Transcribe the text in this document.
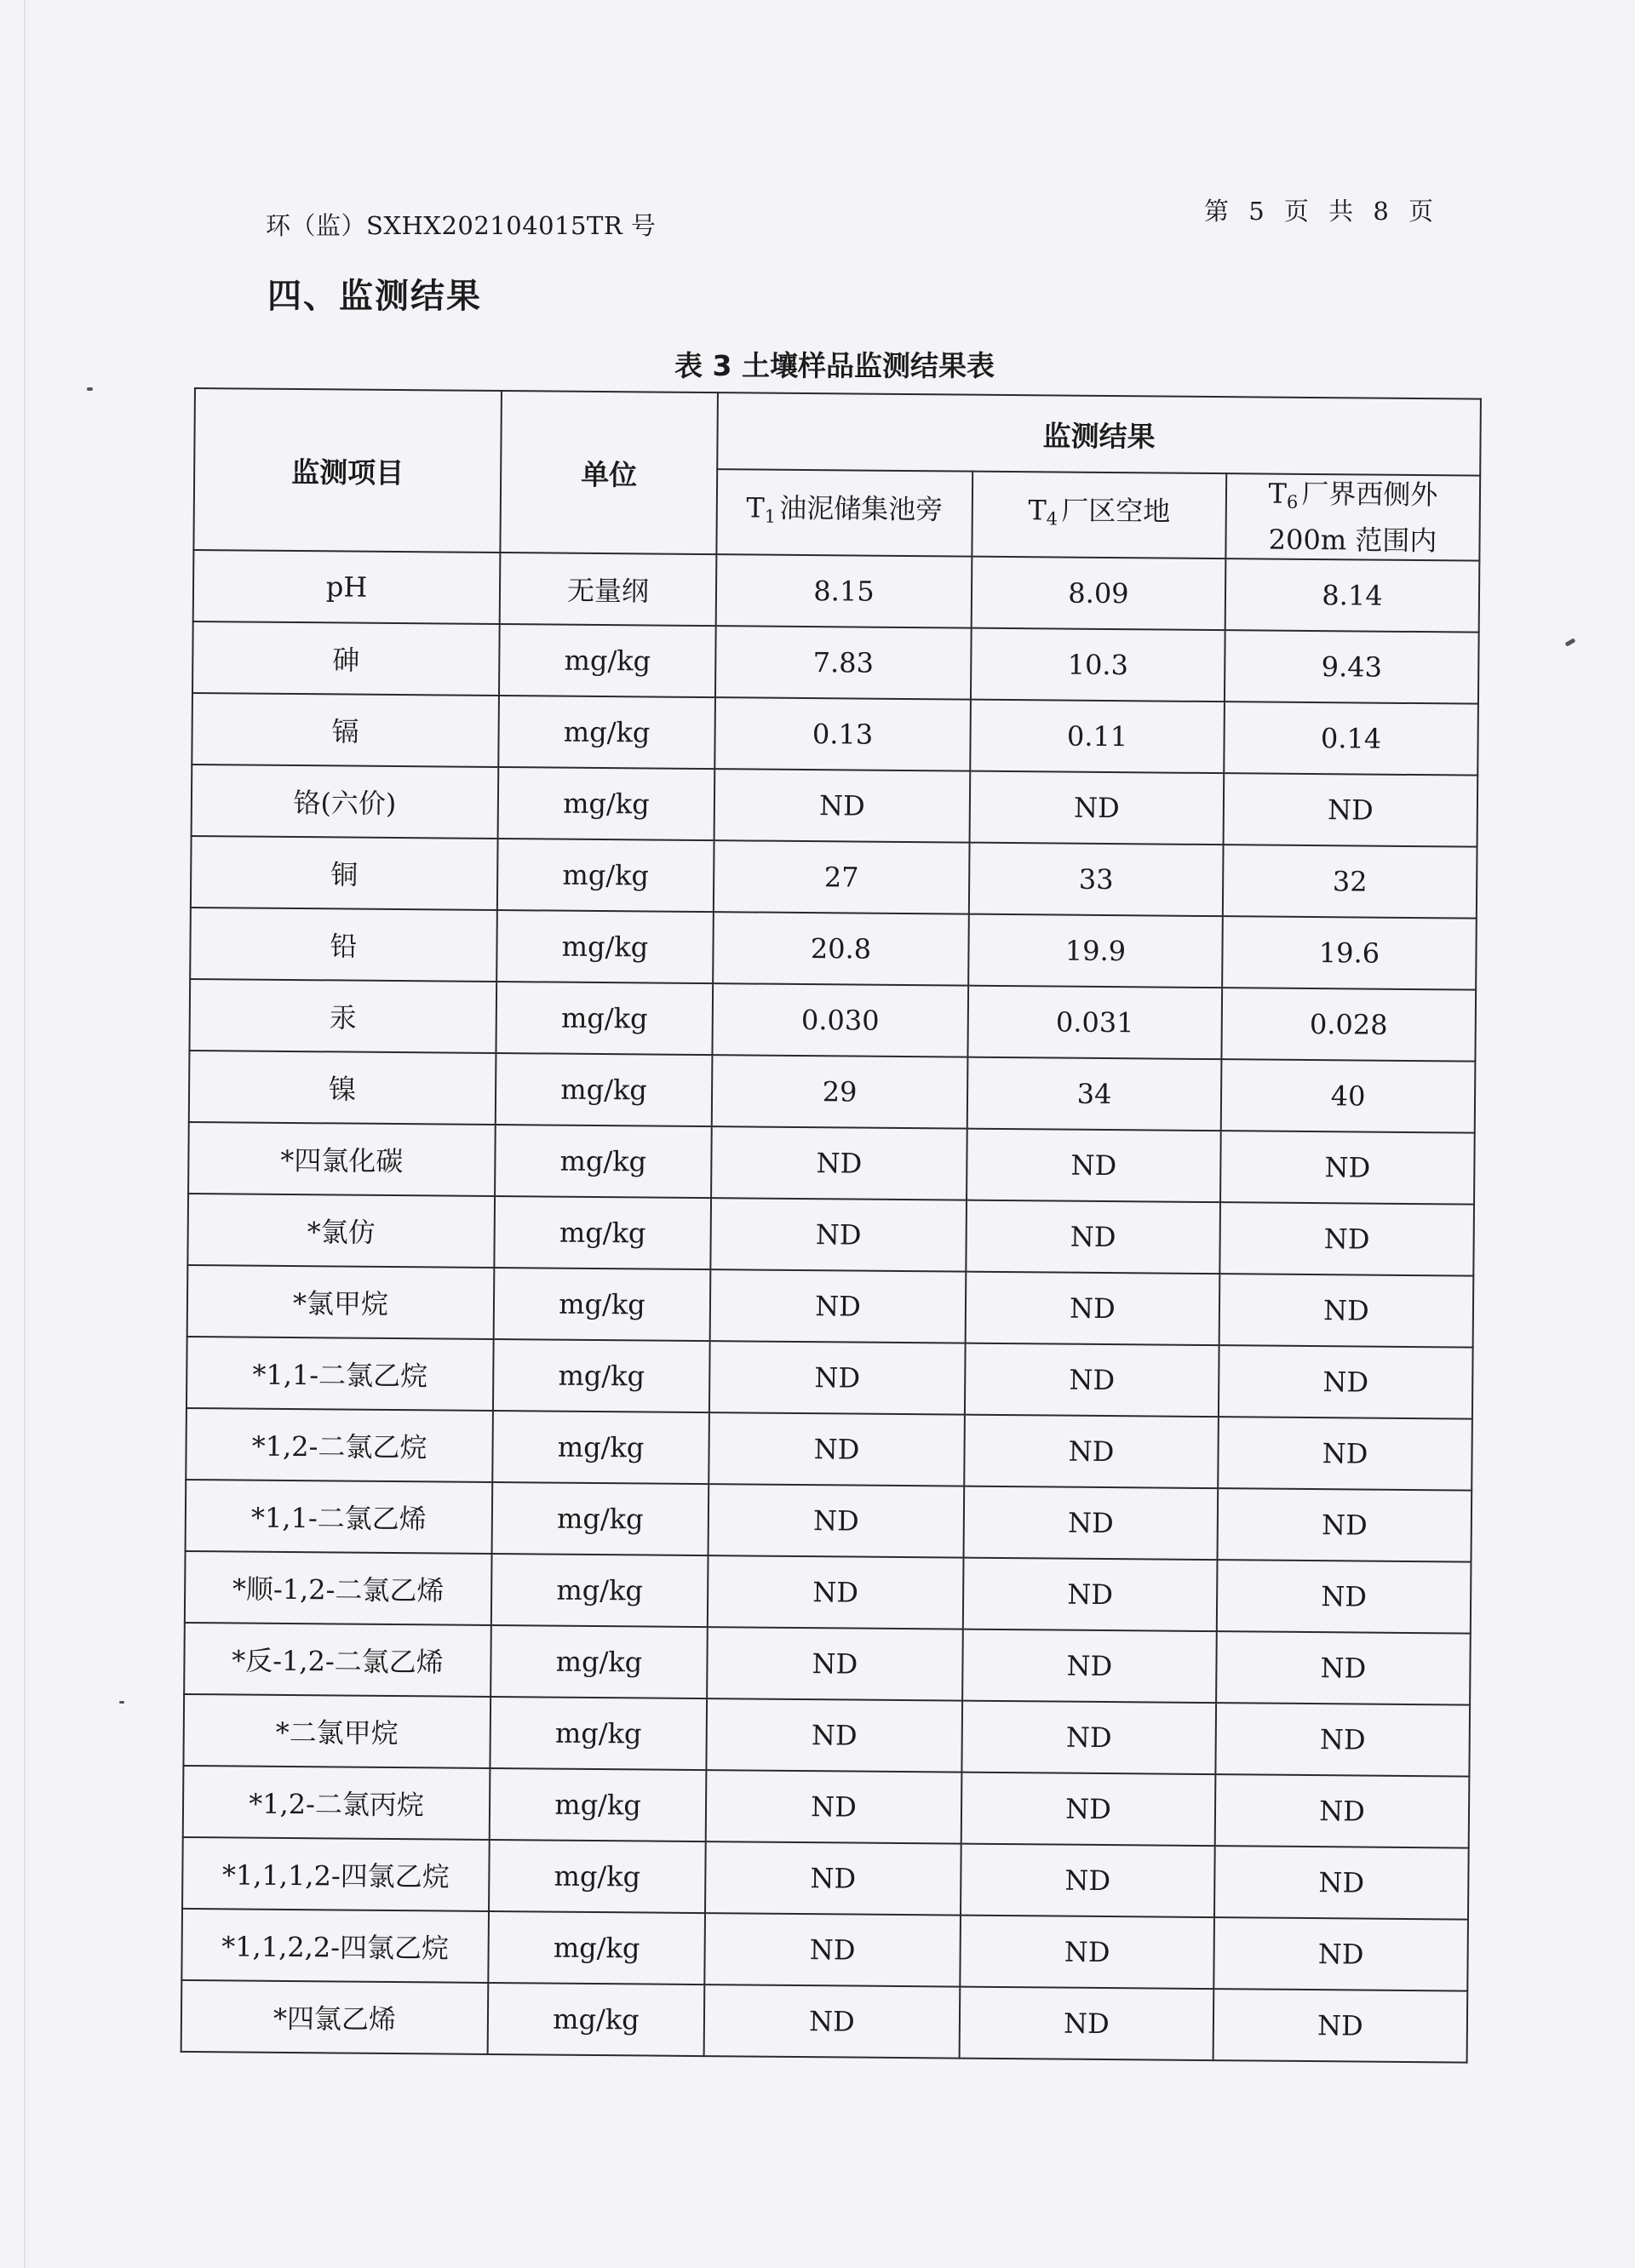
环（监）SXHX202104015TR 号	第 5 页 共 8 页
四、监测结果
表 3 土壤样品监测结果表
监测项目	单位	监测结果		
		$T_1$ 油泥储集池旁	$T_4$ 厂区空地	$T_6$ 厂界西侧外
200m 范围内

pH	无量纲	8.15	8.09	8.14
砷	mg/kg	7.83	10.3	9.43
镉	mg/kg	0.13	0.11	0.14
铬(六价)	mg/kg	ND	ND	ND
铜	mg/kg	27	33	32
铅	mg/kg	20.8	19.9	19.6
汞	mg/kg	0.030	0.031	0.028
镍	mg/kg	29	34	40
*四氯化碳	mg/kg	ND	ND	ND
*氯仿	mg/kg	ND	ND	ND
*氯甲烷	mg/kg	ND	ND	ND
*1,1-二氯乙烷	mg/kg	ND	ND	ND
*1,2-二氯乙烷	mg/kg	ND	ND	ND
*1,1-二氯乙烯	mg/kg	ND	ND	ND
*顺-1,2-二氯乙烯	mg/kg	ND	ND	ND
*反-1,2-二氯乙烯	mg/kg	ND	ND	ND
*二氯甲烷	mg/kg	ND	ND	ND
*1,2-二氯丙烷	mg/kg	ND	ND	ND
*1,1,1,2-四氯乙烷	mg/kg	ND	ND	ND
*1,1,2,2-四氯乙烷	mg/kg	ND	ND	ND
*四氯乙烯	mg/kg	ND	ND	ND
